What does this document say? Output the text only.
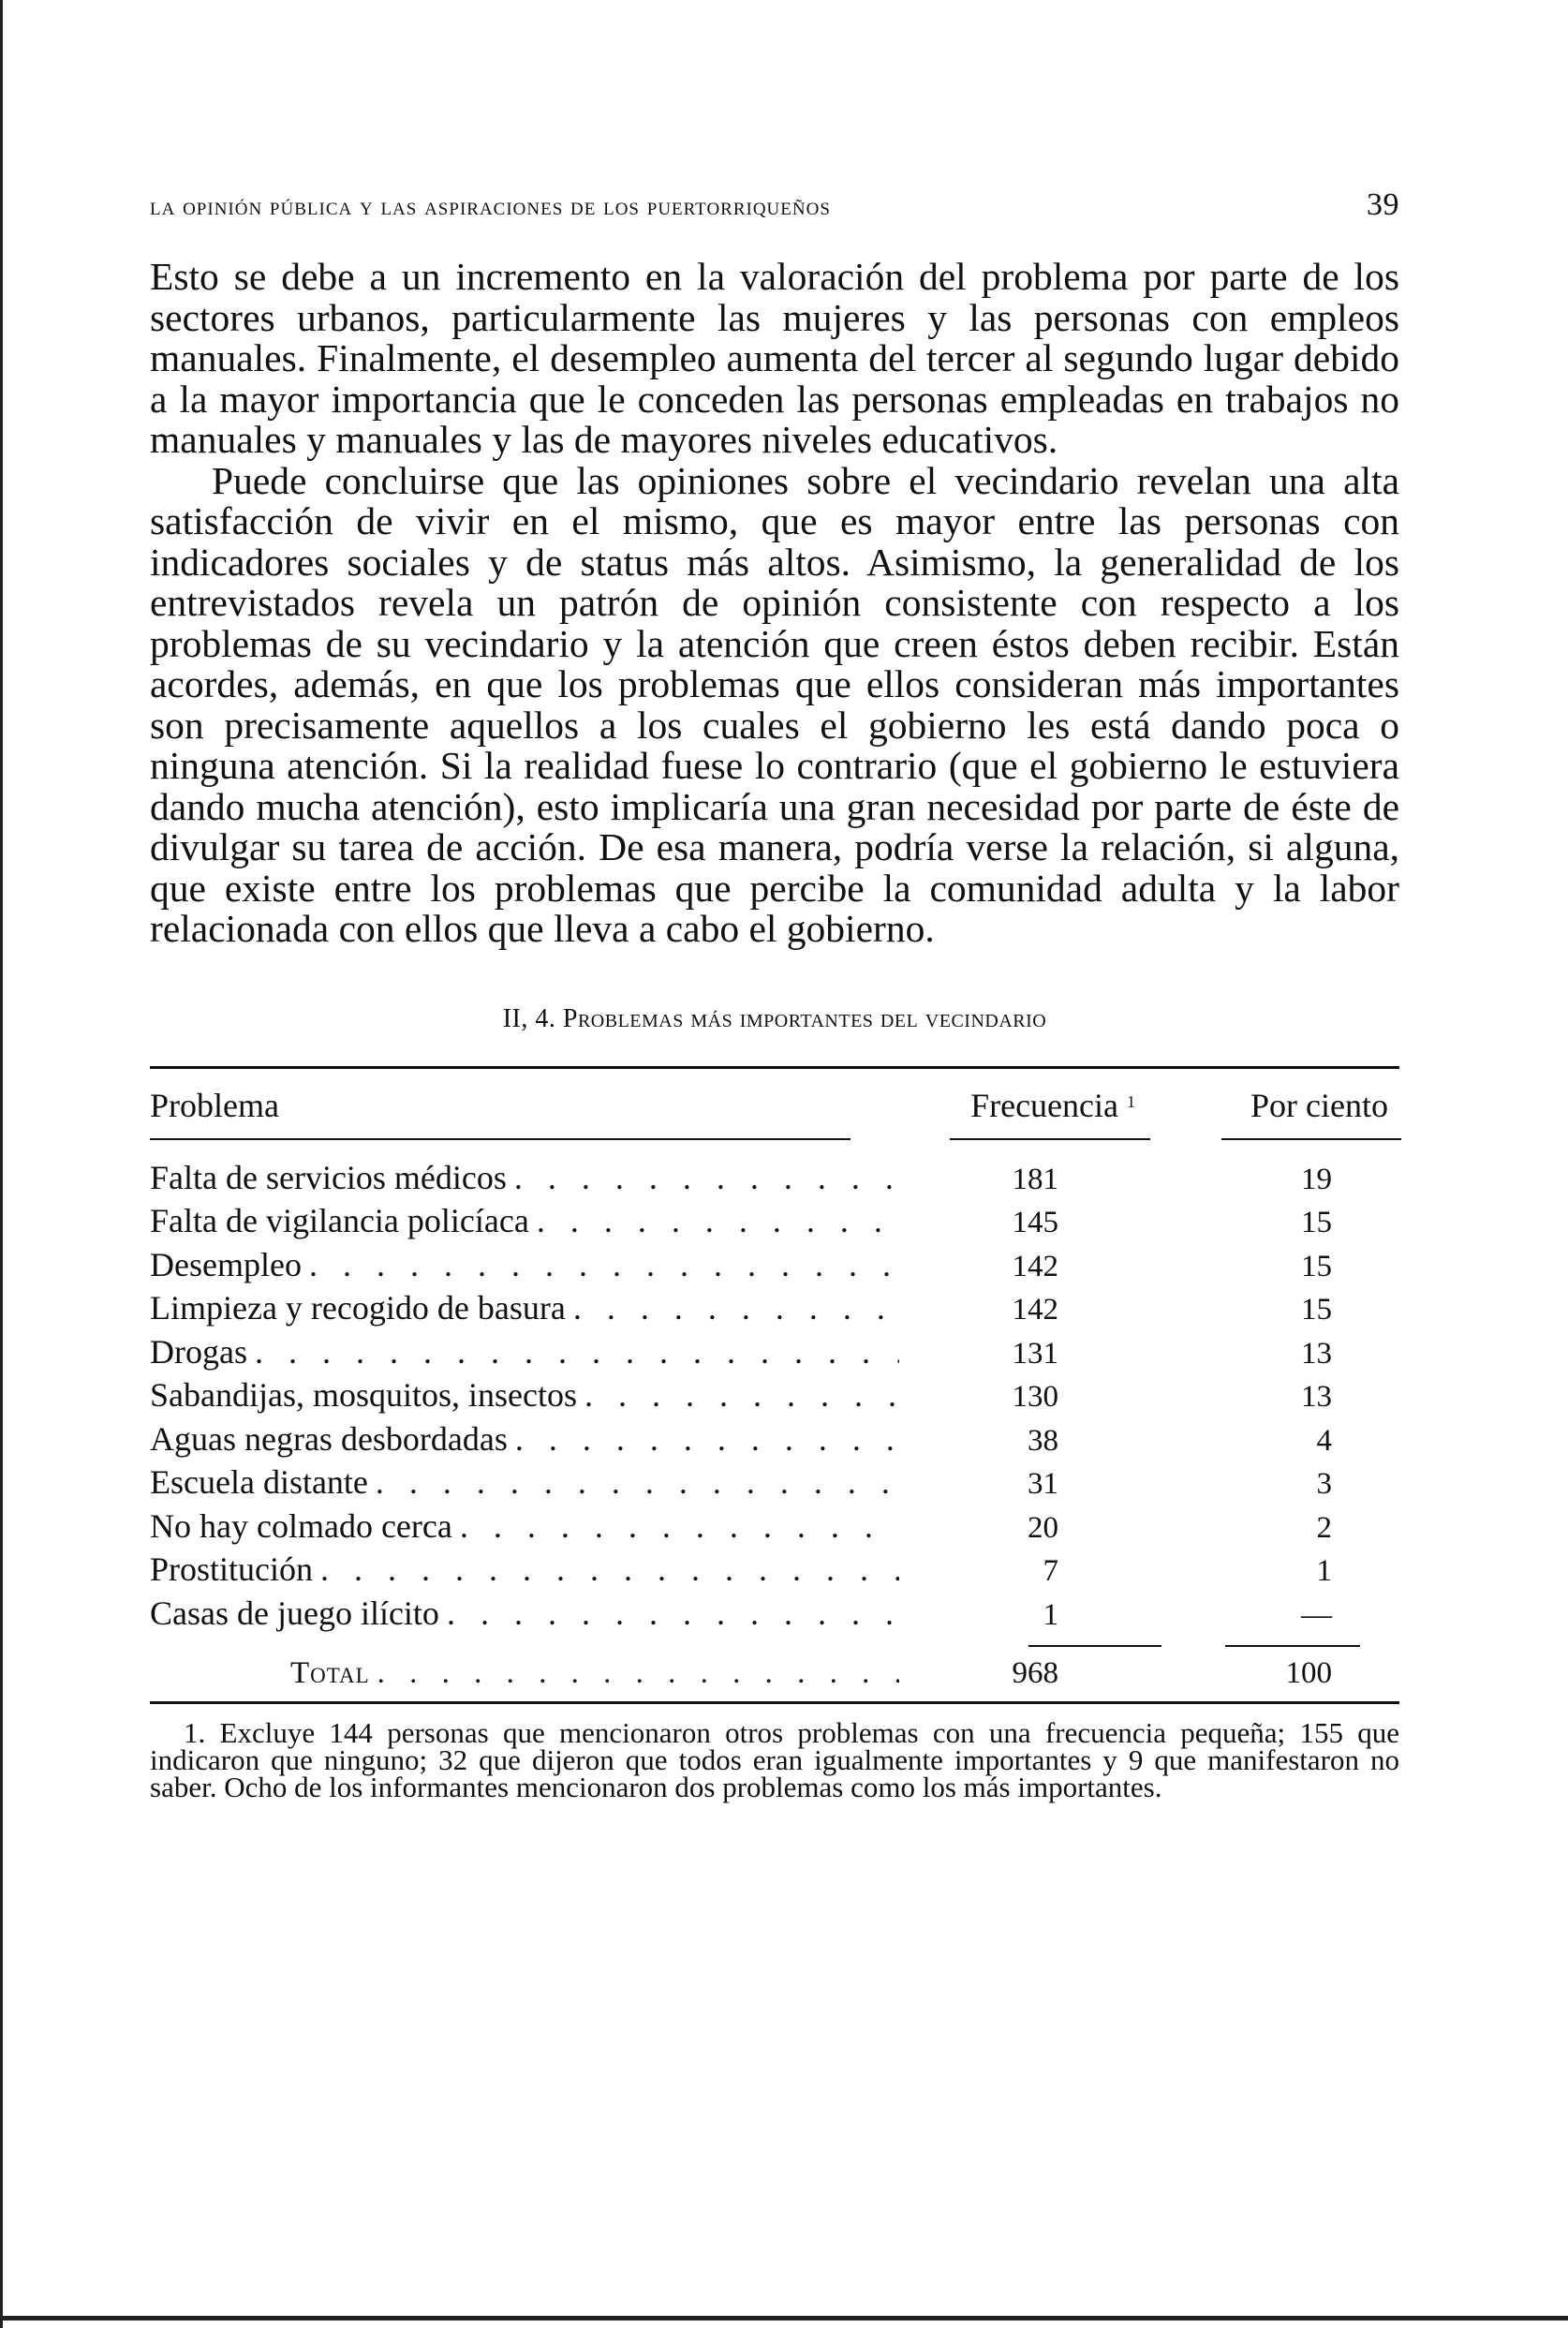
la opinión pública y las aspiraciones de los puertorriqueños	39

Esto se debe a un incremento en la valoración del problema por parte de los sectores urbanos, particularmente las mujeres y las personas con empleos manuales. Finalmente, el desempleo aumenta del tercer al segundo lugar debido a la mayor importancia que le conceden las personas empleadas en trabajos no manuales y manuales y las de mayores niveles educativos.

Puede concluirse que las opiniones sobre el vecindario revelan una alta satisfacción de vivir en el mismo, que es mayor entre las personas con indicadores sociales y de status más altos. Asimismo, la generalidad de los entrevistados revela un patrón de opinión consistente con respecto a los problemas de su vecindario y la atención que creen éstos deben recibir. Están acordes, además, en que los problemas que ellos consideran más importantes son precisamente aquellos a los cuales el gobierno les está dando poca o ninguna atención. Si la realidad fuese lo contrario (que el gobierno le estuviera dando mucha atención), esto implicaría una gran necesidad por parte de éste de divulgar su tarea de acción. De esa manera, podría verse la relación, si alguna, que existe entre los problemas que percibe la comunidad adulta y la labor relacionada con ellos que lleva a cabo el gobierno.

II, 4. Problemas más importantes del vecindario
Problema	Frecuencia $^1$	Por ciento
Falta de servicios médicos . . .	181	19
Falta de vigilancia policíaca . . .	145	15
Desempleo . . .	142	15
Limpieza y recogido de basura . . .	142	15
Drogas . . .	131	13
Sabandijas, mosquitos, insectos . . .	130	13
Aguas negras desbordadas . . .	38	4
Escuela distante . . .	31	3
No hay colmado cerca . . .	20	2
Prostitución . . .	7	1
Casas de juego ilícito . . .	1	—
Total . . .	968	100
1. Excluye 144 personas que mencionaron otros problemas con una frecuencia pequeña; 155 que indicaron que ninguno; 32 que dijeron que todos eran igualmente importantes y 9 que manifestaron no saber. Ocho de los informantes mencionaron dos problemas como los más importantes.
